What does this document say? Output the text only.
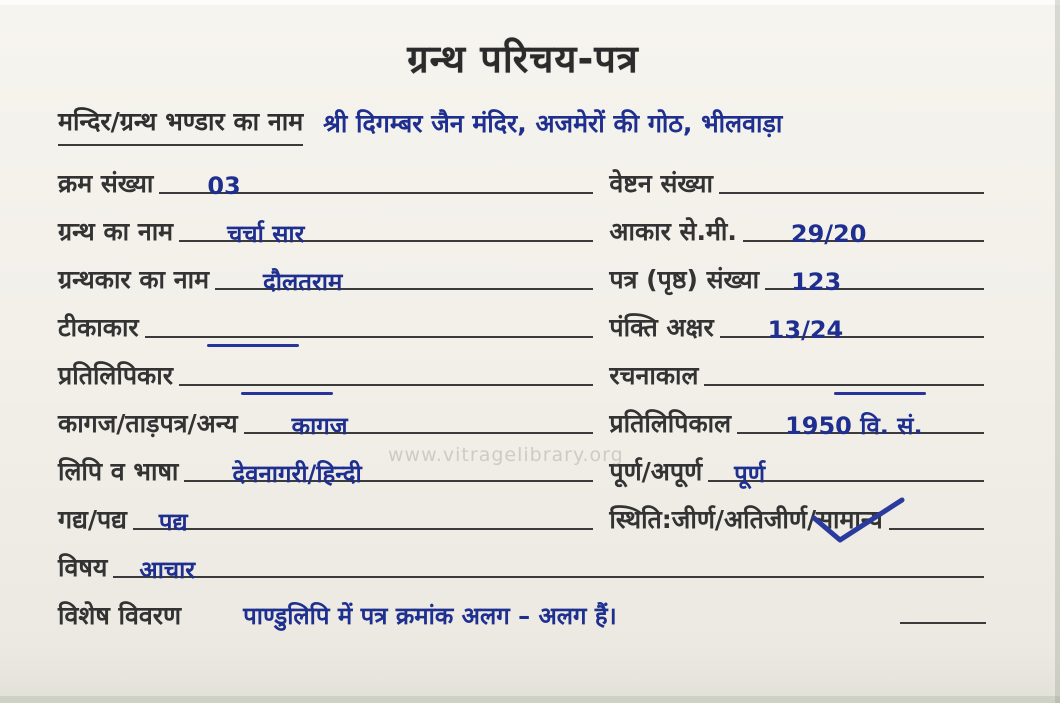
ग्रन्थ परिचय-पत्र
मन्दिर/ग्रन्थ भण्डार का नाम श्री दिगम्बर जैन मंदिर, अजमेरों की गोठ, भीलवाड़ा
क्रम संख्या 03	वेष्टन संख्या
ग्रन्थ का नाम चर्चा सार	आकार से.मी. 29/20
ग्रन्थकार का नाम दौलतराम	पत्र (पृष्ठ) संख्या 123
टीकाकार	पंक्ति अक्षर 13/24
प्रतिलिपिकार	रचनाकाल
कागज/ताड़पत्र/अन्य कागज	प्रतिलिपिकाल 1950 वि. सं.
लिपि व भाषा देवनागरी/हिन्दी	पूर्ण/अपूर्ण पूर्ण
गद्य/पद्य पद्य	स्थिति:जीर्ण/अतिजीर्ण/ सामान्य
विषय आचार
विशेष विवरण	पाण्डुलिपि में पत्र क्रमांक अलग – अलग हैं।
www.vitragelibrary.org
